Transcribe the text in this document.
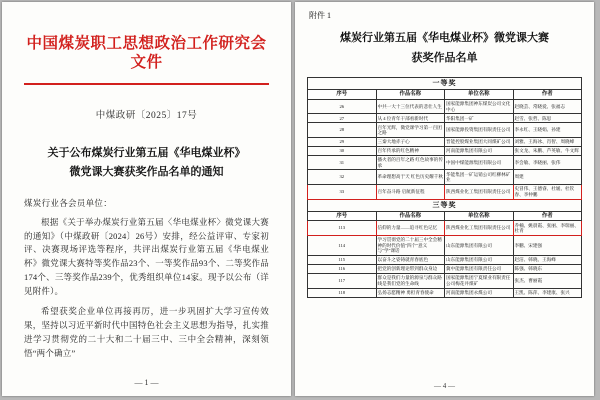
中国煤炭职工思想政治工作研究会文件
中煤政研〔2025〕17号
关于公布煤炭行业第五届《华电煤业杯》
微党课大赛获奖作品名单的通知
煤炭行业各会员单位：
根据《关于举办煤炭行业第五届〈华电煤业杯〉微党课大赛的通知》（中煤政研〔2024〕26号）安排，经公益评审、专家初评、决赛现场评选等程序，共评出煤炭行业第五届《华电煤业杯》微党课大赛特等奖作品23个、一等奖作品93个、二等奖作品174个、三等奖作品239个，优秀组织单位14家。现予以公布（详见附件）。
希望获奖企业单位再接再厉，进一步巩固扩大学习宣传效果，坚持以习近平新时代中国特色社会主义思想为指导，扎实推进学习贯彻党的二十大和二十届三中、三中全会精神，深刻领悟“两个确立”
— 1 —
附件 1
煤炭行业第五届《华电煤业杯》微党课大赛
获奖作品名单
一等奖			
序号	作品名称	单位名称	作者
26	中共一大十三位代表的悲壮人生	国家能源集团神东煤炭公司文化中心	赵晓芸、常晓爱、张福志
27	从 4 位青年干部看新时代	华阳集团一矿	赵雪、张哲、陈思
28	百年光辉，微党课学习第一百团之路	国家能源投资集团有限责任公司	李永红、王晓娟、孙建
29	三秦大地赤子心	晋能控股煤业集团大同煤矿公司	刘雅、王海冰、肖智、周晓峰
30	百年传承的红色精神	河南能源集团有限公司	张文龙、朱鹏、芦英敏、牛文辉
31	播火者的百年之路 红色故事的传承	中国中煤能源集团有限公司	李会敏、李晓丽、张伟
32	革命理想高于天 红色历史耀千秋	华能集团一矿运销公司红柳林矿业	周建
33	百年奋斗路 启航新征程	陕西煤业化工集团有限责任公司	史冒伟、王德睿、杜媛、杜钦春、李仲鹏
三等奖			
序号	作品名称	单位名称	作者
113	信仰的力量——追寻红色记忆	陕西煤业化工集团有限责任公司	乔楠、姚晨霞、张丽、李瑞丽、杜青
114	学习贯彻党的二十届三中全会精神的时代价值"四个"意义与"学"课话	山东能源集团有限公司	李鹏、宋建强
115	以奋斗之姿铸就青春底色	山东能源集团有限公司	赵洁、韩晓、王海峰
116	把党的创新理论带到群众身边	冀中能源集团有限责任公司	陈强、韩晓东
117	群众是我们力量的源泉与群众路线是我们党的生命线	国家能源集团宁夏煤业有限责任公司梅花井煤矿	张杰、曹丽霞
118	弘扬志愿精神 勇担青春使命	河南能源集团永煤公司	王凯、陈萍、李建康、张兴
— 4 —
